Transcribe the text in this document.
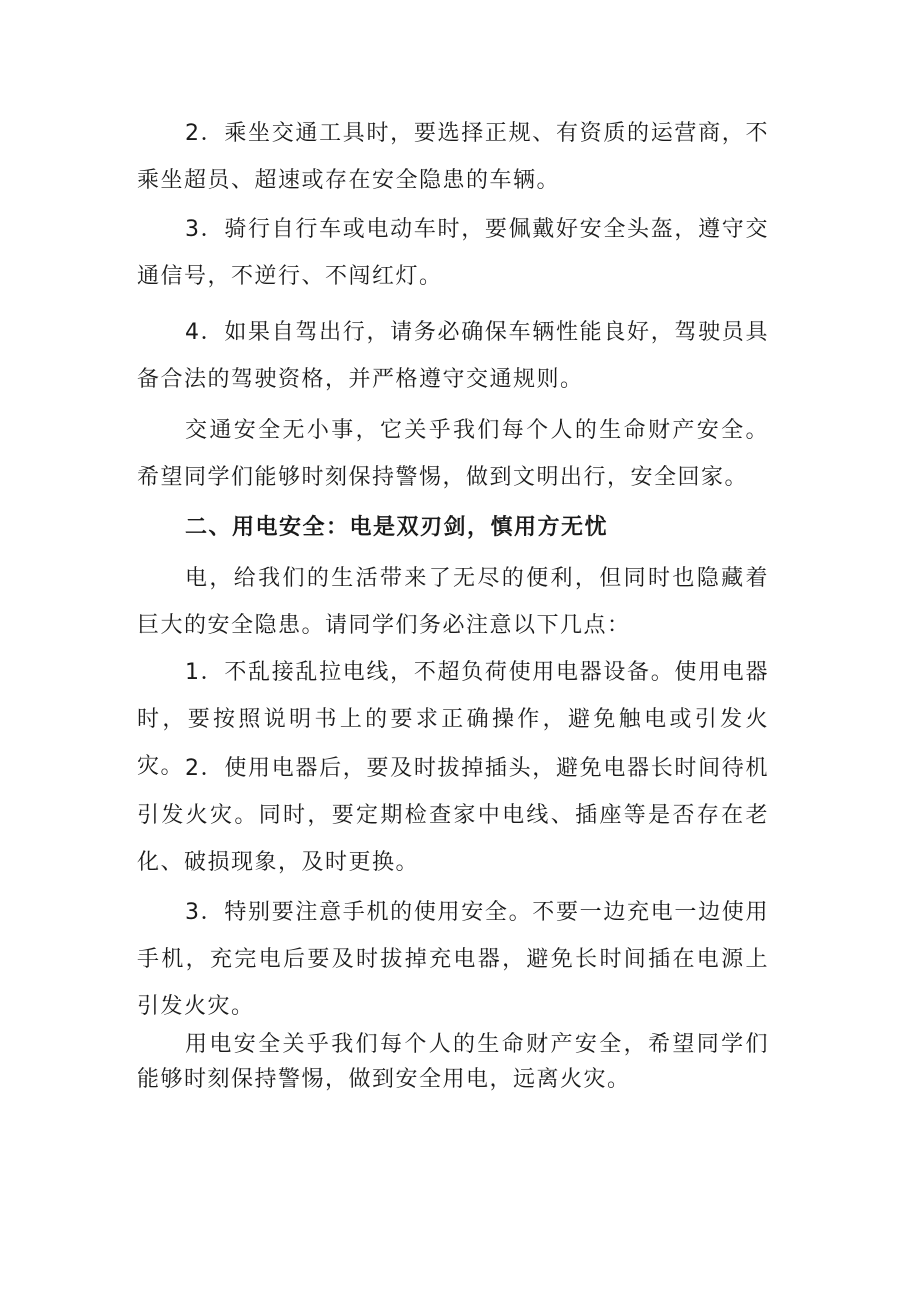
2．乘坐交通工具时，要选择正规、有资质的运营商，不乘坐超员、超速或存在安全隐患的车辆。

3．骑行自行车或电动车时，要佩戴好安全头盔，遵守交通信号，不逆行、不闯红灯。

4．如果自驾出行，请务必确保车辆性能良好，驾驶员具备合法的驾驶资格，并严格遵守交通规则。

交通安全无小事，它关乎我们每个人的生命财产安全。希望同学们能够时刻保持警惕，做到文明出行，安全回家。

二、用电安全：电是双刃剑，慎用方无忧

电，给我们的生活带来了无尽的便利，但同时也隐藏着巨大的安全隐患。请同学们务必注意以下几点：

1．不乱接乱拉电线，不超负荷使用电器设备。使用电器时，要按照说明书上的要求正确操作，避免触电或引发火灾。 2．使用电器后，要及时拔掉插头，避免电器长时间待机引发火灾。同时，要定期检查家中电线、插座等是否存在老化、破损现象，及时更换。

3．特别要注意手机的使用安全。不要一边充电一边使用手机，充完电后要及时拔掉充电器，避免长时间插在电源上引发火灾。

用电安全关乎我们每个人的生命财产安全，希望同学们能够时刻保持警惕，做到安全用电，远离火灾。
